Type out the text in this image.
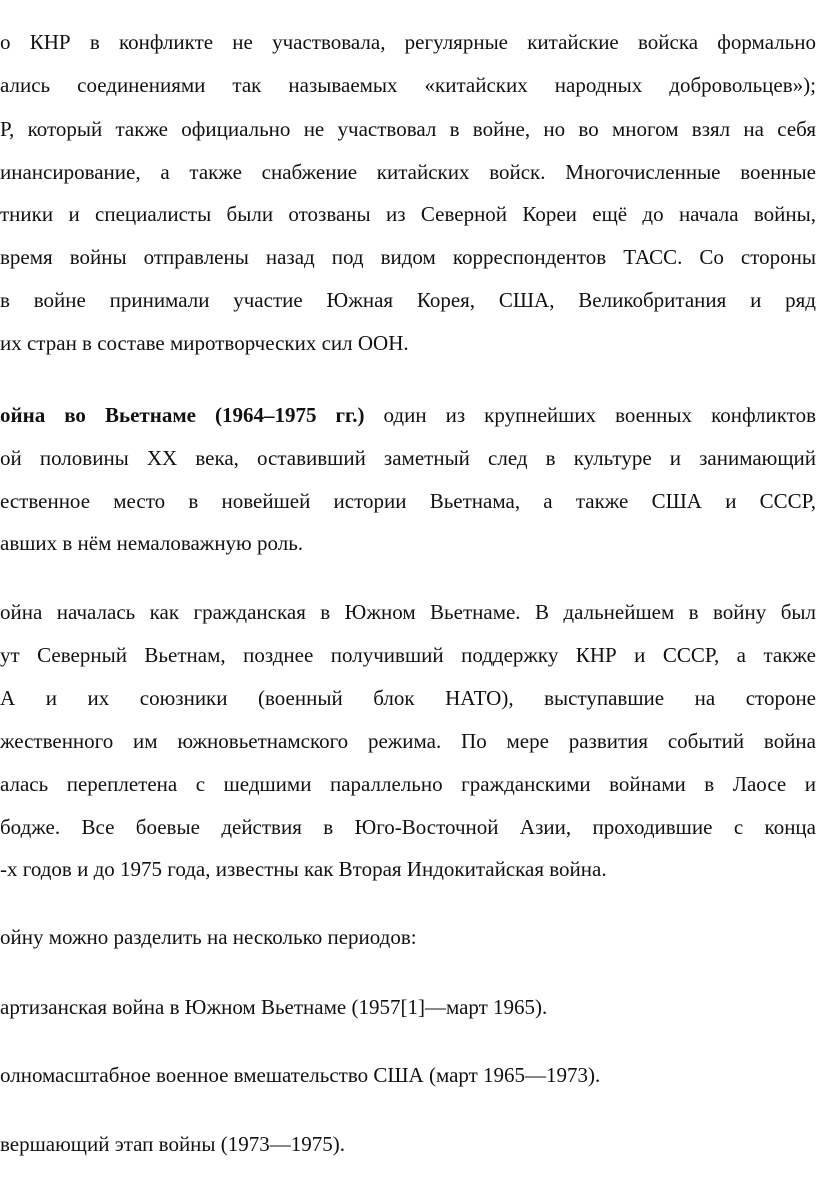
о КНР в конфликте не участвовала, регулярные китайские войска формально
ались соединениями так называемых «китайских народных добровольцев»);
Р, который также официально не участвовал в войне, но во многом взял на себя
инансирование, а также снабжение китайских войск. Многочисленные военные
тники и специалисты были отозваны из Северной Кореи ещё до начала войны,
время войны отправлены назад под видом корреспондентов ТАСС. Со стороны
в войне принимали участие Южная Корея, США, Великобритания и ряд
их стран в составе миротворческих сил ООН.
ойна во Вьетнаме (1964–1975 гг.) один из крупнейших военных конфликтов
ой половины XX века, оставивший заметный след в культуре и занимающий
ественное место в новейшей истории Вьетнама, а также США и СССР,
авших в нём немаловажную роль.
ойна началась как гражданская в Южном Вьетнаме. В дальнейшем в войну был
ут Северный Вьетнам, позднее получивший поддержку КНР и СССР, а также
А и их союзники (военный блок НАТО), выступавшие на стороне
жественного им южновьетнамского режима. По мере развития событий война
алась переплетена с шедшими параллельно гражданскими войнами в Лаосе и
бодже. Все боевые действия в Юго-Восточной Азии, проходившие с конца
-х годов и до 1975 года, известны как Вторая Индокитайская война.
ойну можно разделить на несколько периодов:
артизанская война в Южном Вьетнаме (1957[1]—март 1965).
олномасштабное военное вмешательство США (март 1965—1973).
вершающий этап войны (1973—1975).
